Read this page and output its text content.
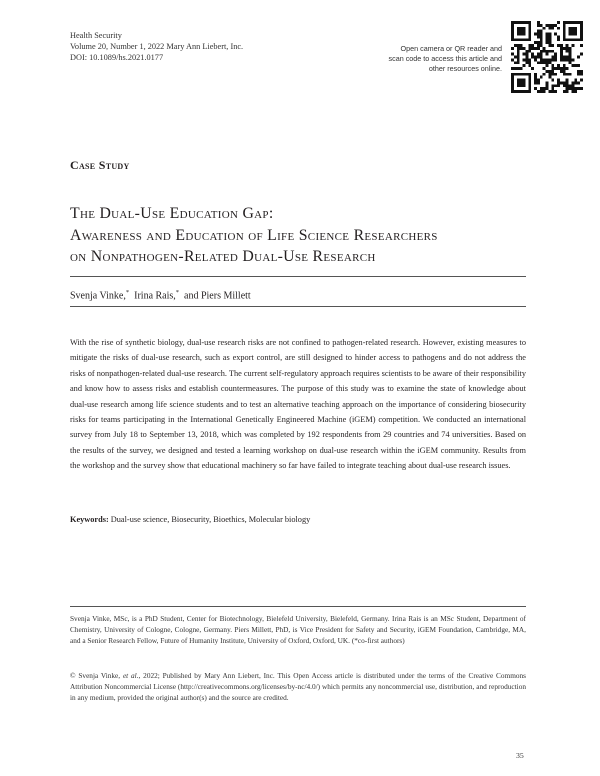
Health Security
Volume 20, Number 1, 2022 Mary Ann Liebert, Inc.
DOI: 10.1089/hs.2021.0177
Open camera or QR reader and scan code to access this article and other resources online.
Case Study
The Dual-Use Education Gap:
Awareness and Education of Life Science Researchers
on Nonpathogen-Related Dual-Use Research
Svenja Vinke,* Irina Rais,* and Piers Millett
With the rise of synthetic biology, dual-use research risks are not confined to pathogen-related research. However, existing measures to mitigate the risks of dual-use research, such as export control, are still designed to hinder access to pathogens and do not address the risks of nonpathogen-related dual-use research. The current self-regulatory approach requires scientists to be aware of their responsibility and know how to assess risks and establish countermeasures. The purpose of this study was to examine the state of knowledge about dual-use research among life science students and to test an alternative teaching approach on the importance of considering biosecurity risks for teams participating in the International Genetically Engineered Machine (iGEM) competition. We conducted an international survey from July 18 to September 13, 2018, which was completed by 192 respondents from 29 countries and 74 universities. Based on the results of the survey, we designed and tested a learning workshop on dual-use research within the iGEM community. Results from the workshop and the survey show that educational machinery so far have failed to integrate teaching about dual-use research issues.
Keywords: Dual-use science, Biosecurity, Bioethics, Molecular biology
Svenja Vinke, MSc, is a PhD Student, Center for Biotechnology, Bielefeld University, Bielefeld, Germany. Irina Rais is an MSc Student, Department of Chemistry, University of Cologne, Cologne, Germany. Piers Millett, PhD, is Vice President for Safety and Security, iGEM Foundation, Cambridge, MA, and a Senior Research Fellow, Future of Humanity Institute, University of Oxford, Oxford, UK. (*co-first authors)
© Svenja Vinke, et al., 2022; Published by Mary Ann Liebert, Inc. This Open Access article is distributed under the terms of the Creative Commons Attribution Noncommercial License (http://creativecommons.org/licenses/by-nc/4.0/) which permits any noncommercial use, distribution, and reproduction in any medium, provided the original author(s) and the source are credited.
35
